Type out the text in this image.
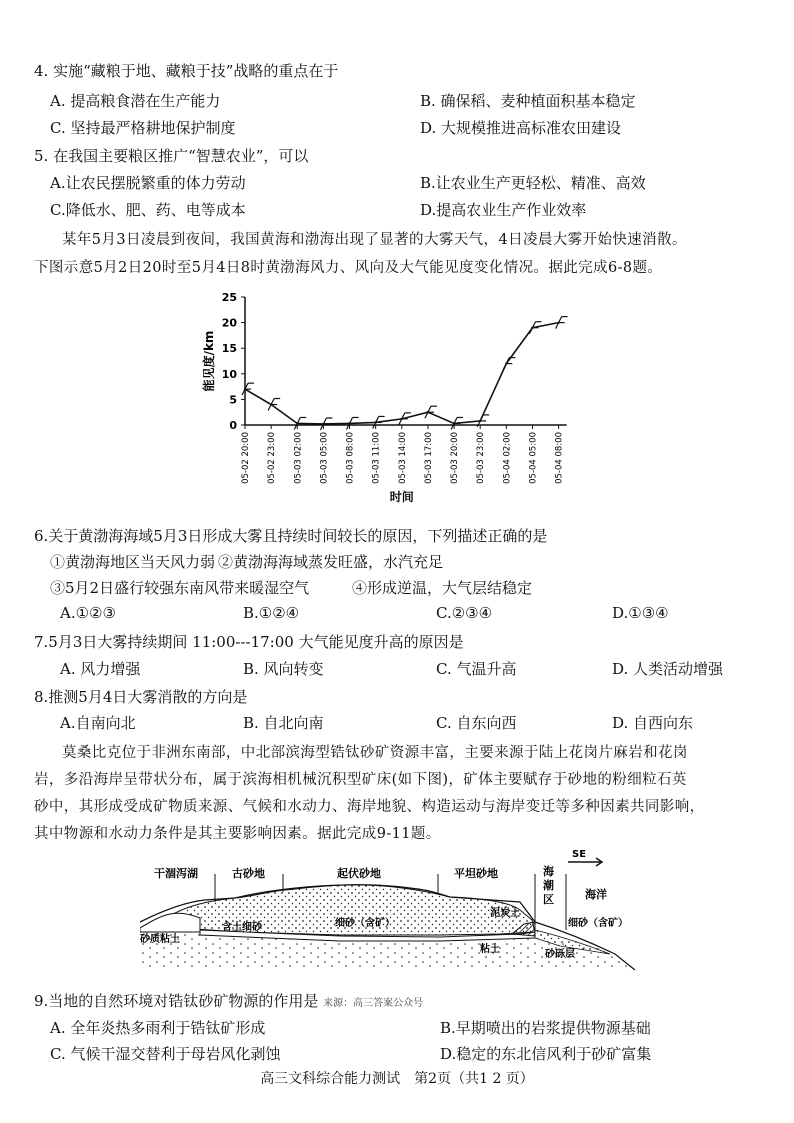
4. 实施“藏粮于地、藏粮于技”战略的重点在于
A. 提高粮食潜在生产能力	B. 确保稻、麦种植面积基本稳定
C. 坚持最严格耕地保护制度	D. 大规模推进高标准农田建设
5. 在我国主要粮区推广“智慧农业”，可以
A.让农民摆脱繁重的体力劳动	B.让农业生产更轻松、精准、高效
C.降低水、肥、药、电等成本	D.提高农业生产作业效率
某年5月3日凌晨到夜间，我国黄海和渤海出现了显著的大雾天气，4日凌晨大雾开始快速消散。
下图示意5月2日20时至5月4日8时黄渤海风力、风向及大气能见度变化情况。据此完成6-8题。
0
5
10
15
20
25
05-02 20:00 05-02 23:00 05-03 02:00 05-03 05:00 05-03 08:00 05-03 11:00 05-03 14:00 05-03 17:00 05-03 20:00 05-03 23:00 05-04 02:00 05-04 05:00 05-04 08:00
能见度/km
时间
6.关于黄渤海海域5月3日形成大雾且持续时间较长的原因，下列描述正确的是
①黄渤海地区当天风力弱 ②黄渤海海域蒸发旺盛，水汽充足
③5月2日盛行较强东南风带来暖湿空气	④形成逆温，大气层结稳定
A.①②③	B.①②④	C.②③④	D.①③④
7.5月3日大雾持续期间 11:00---17:00 大气能见度升高的原因是
A. 风力增强	B. 风向转变	C. 气温升高	D. 人类活动增强
8.推测5月4日大雾消散的方向是
A.自南向北	B. 自北向南	C. 自东向西	D. 自西向东
莫桑比克位于非洲东南部，中北部滨海型锆钛砂矿资源丰富，主要来源于陆上花岗片麻岩和花岗
岩，多沿海岸呈带状分布，属于滨海相机械沉积型矿床(如下图)，矿体主要赋存于砂地的粉细粒石英
砂中，其形成受成矿物质来源、气候和水动力、海岸地貌、构造运动与海岸变迁等多种因素共同影响，
其中物源和水动力条件是其主要影响因素。据此完成9-11题。
SE
干涸泻湖	古砂地	起伏砂地	平坦砂地	海
潮
区	海洋
砂质粘土
含土细砂	细砂（含矿）
泥炭土
粘土
细砂（含矿）
砂砾层
9.当地的自然环境对锆钛砂矿物源的作用是 来源：高三答案公众号
A. 全年炎热多雨利于锆钛矿形成	B.早期喷出的岩浆提供物源基础
C. 气候干湿交替利于母岩风化剥蚀	D.稳定的东北信风利于砂矿富集
高三文科综合能力测试　第2页（共1 2 页）
